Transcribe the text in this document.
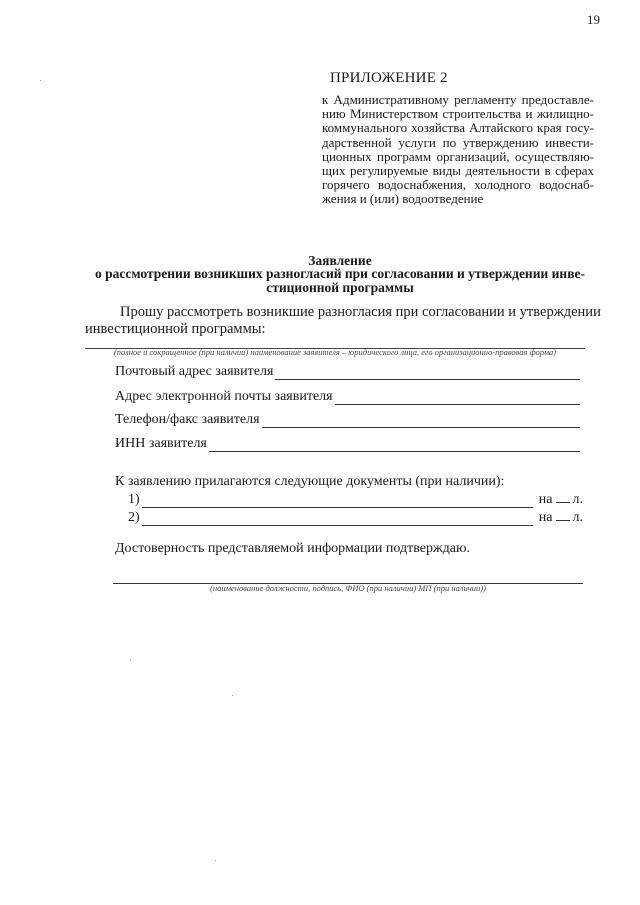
19
ПРИЛОЖЕНИЕ 2
к Административному регламенту предоставле-
нию Министерством строительства и жилищно-
коммунального хозяйства Алтайского края госу-
дарственной услуги по утверждению инвести-
ционных программ организаций, осуществляю-
щих регулируемые виды деятельности в сферах
горячего водоснабжения, холодного водоснаб-
жения и (или) водоотведение
Заявление
о рассмотрении возникших разногласий при согласовании и утверждении инве-
стиционной программы
Прошу рассмотреть возникшие разногласия при согласовании и утверждении
инвестиционной программы:
(полное и сокращенное (при наличии) наименование заявителя – юридического лица, его организационно-правовая форма)
Почтовый адрес заявителя
Адрес электронной почты заявителя
Телефон/факс заявителя
ИНН заявителя
К заявлению прилагаются следующие документы (при наличии):
1)	на л.
2)	на л.
Достоверность представляемой информации подтверждаю.
(наименование должности, подпись, ФИО (при наличии) МП (при наличии))
